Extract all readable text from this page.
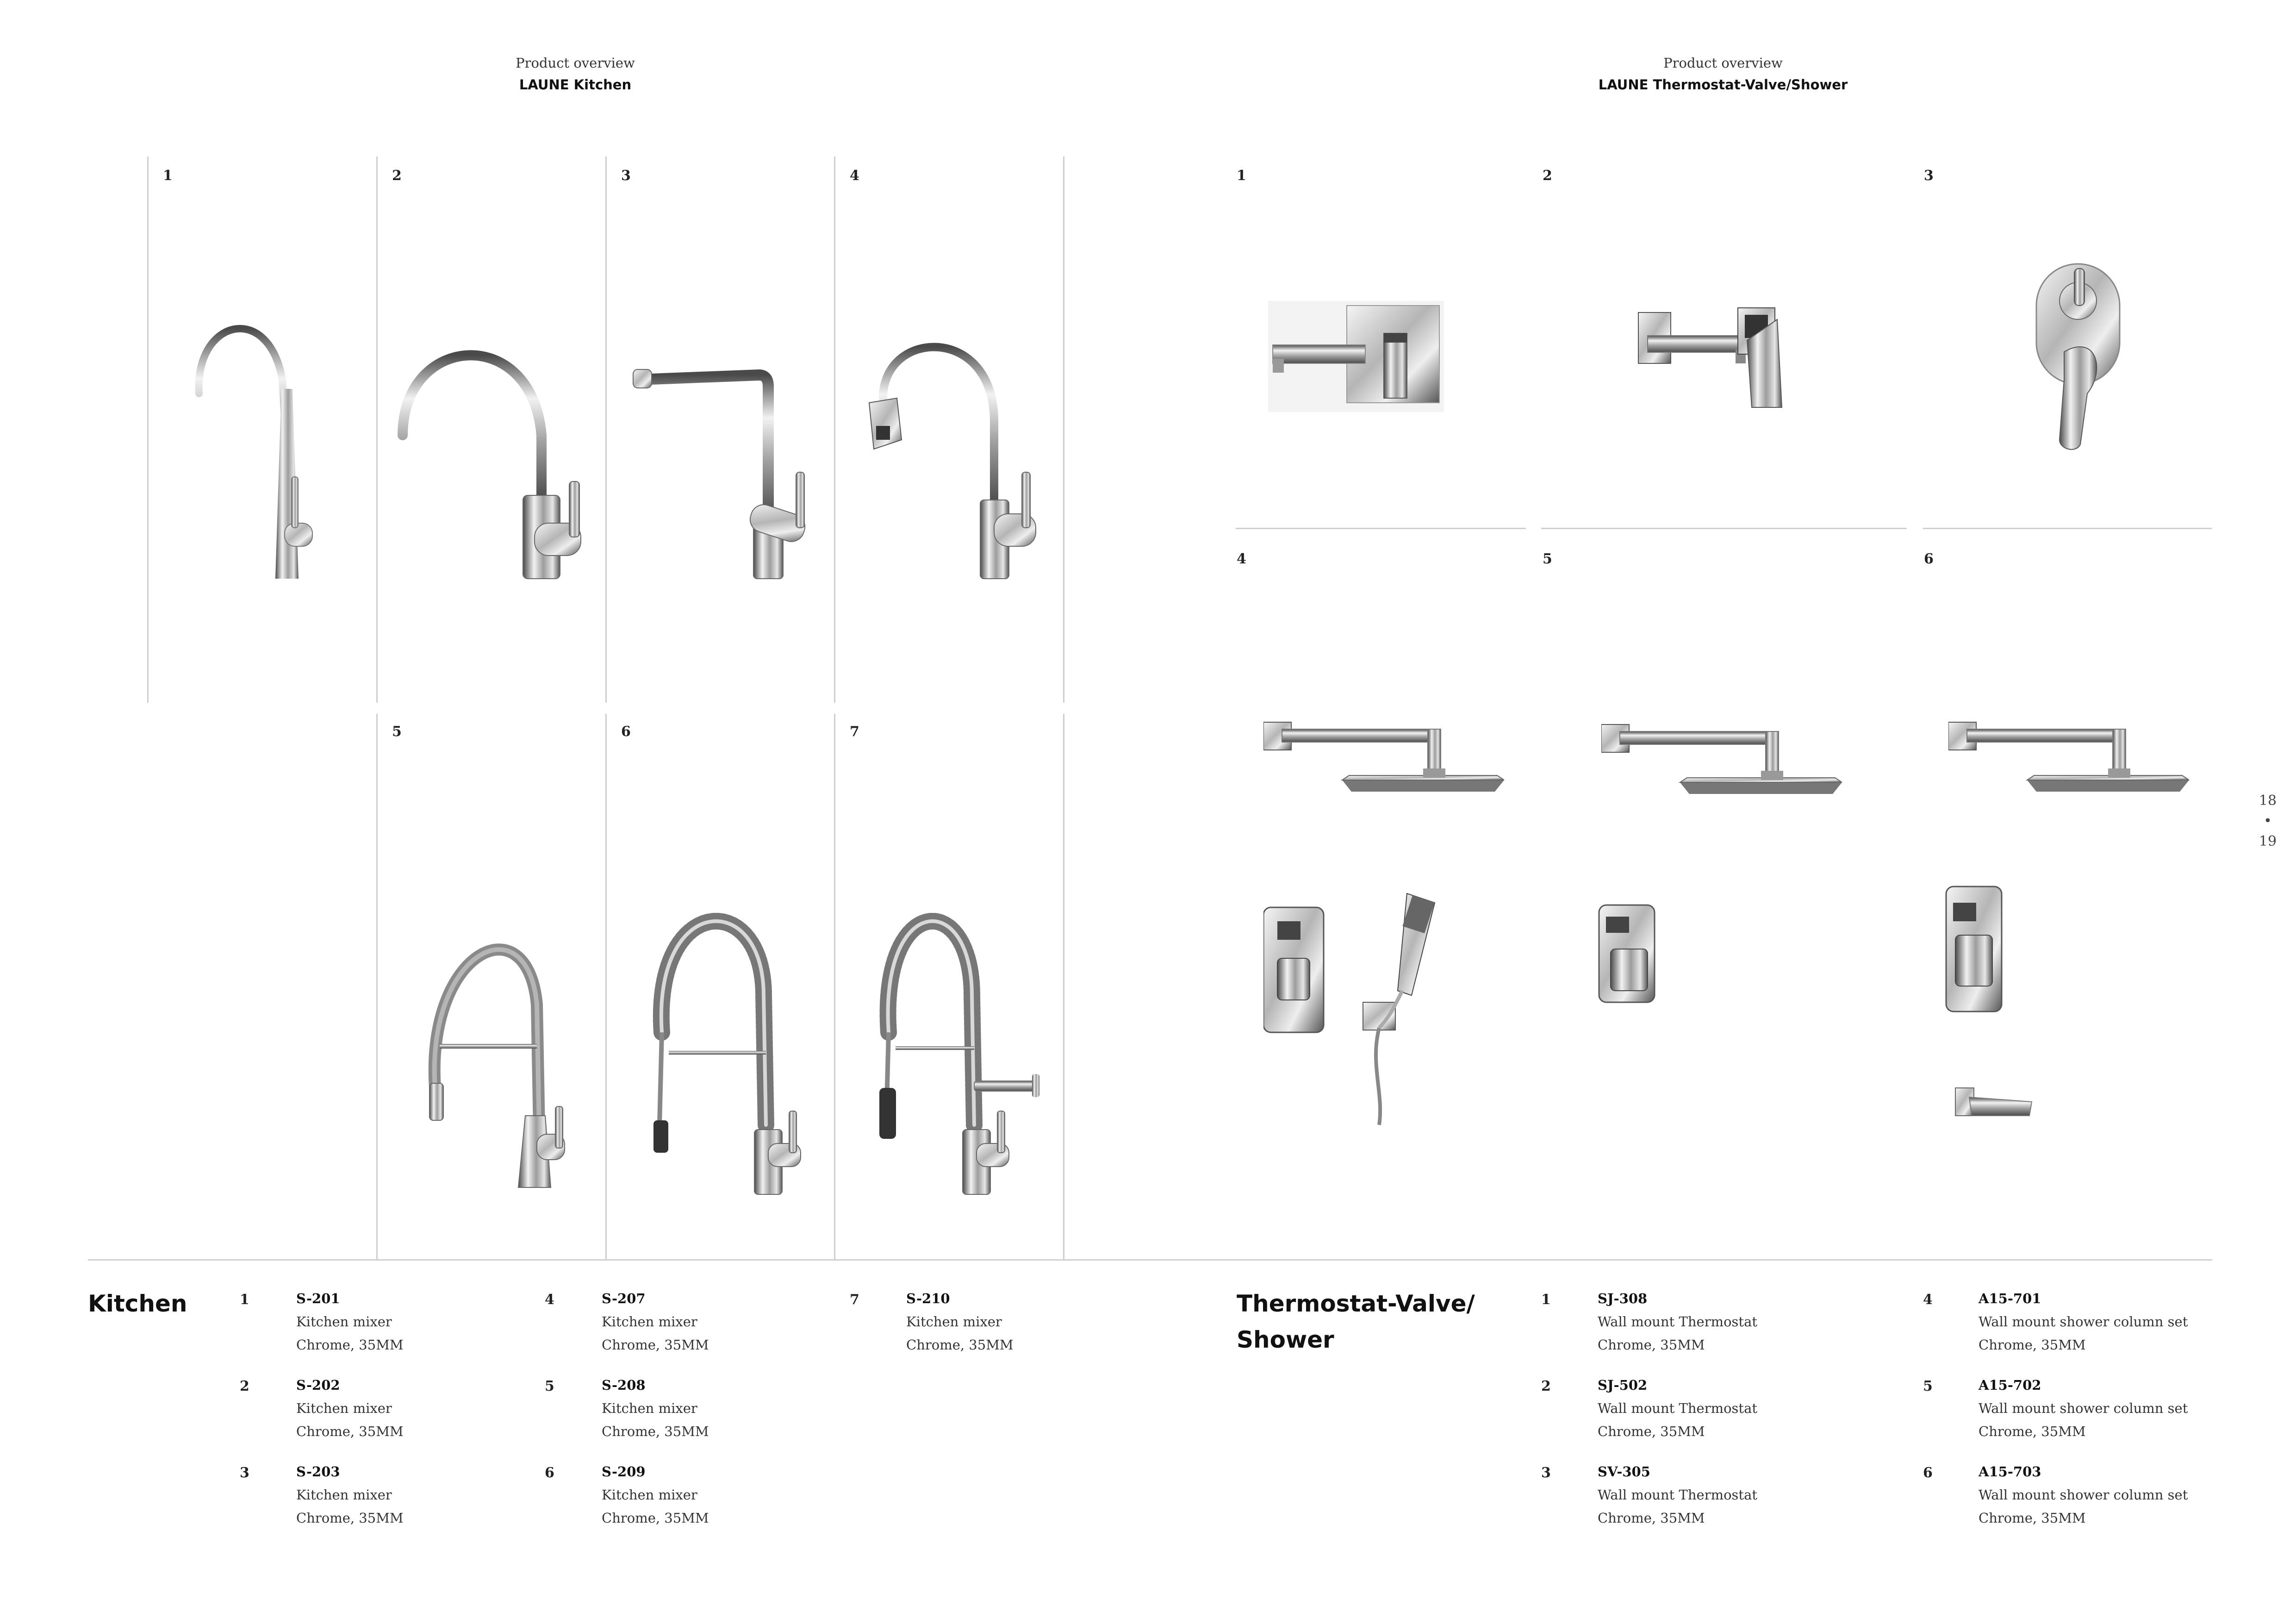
Product overview
LAUNE Kitchen
Product overview
LAUNE Thermostat-Valve/Shower
1	2	3	4
5	6	7
1	2	3
4	5	6
Kitchen	1	S-201
Kitchen mixer
Chrome, 35MM
2	S-202
Kitchen mixer
Chrome, 35MM
3	S-203
Kitchen mixer
Chrome, 35MM
4	S-207
Kitchen mixer
Chrome, 35MM
5	S-208
Kitchen mixer
Chrome, 35MM
6	S-209
Kitchen mixer
Chrome, 35MM
7	S-210
Kitchen mixer
Chrome, 35MM
Thermostat-Valve/
Shower
1	SJ-308
Wall mount Thermostat
Chrome, 35MM
2	SJ-502
Wall mount Thermostat
Chrome, 35MM
3	SV-305
Wall mount Thermostat
Chrome, 35MM
4	A15-701
Wall mount shower column set
Chrome, 35MM
5	A15-702
Wall mount shower column set
Chrome, 35MM
6	A15-703
Wall mount shower column set
Chrome, 35MM
18
•
19
